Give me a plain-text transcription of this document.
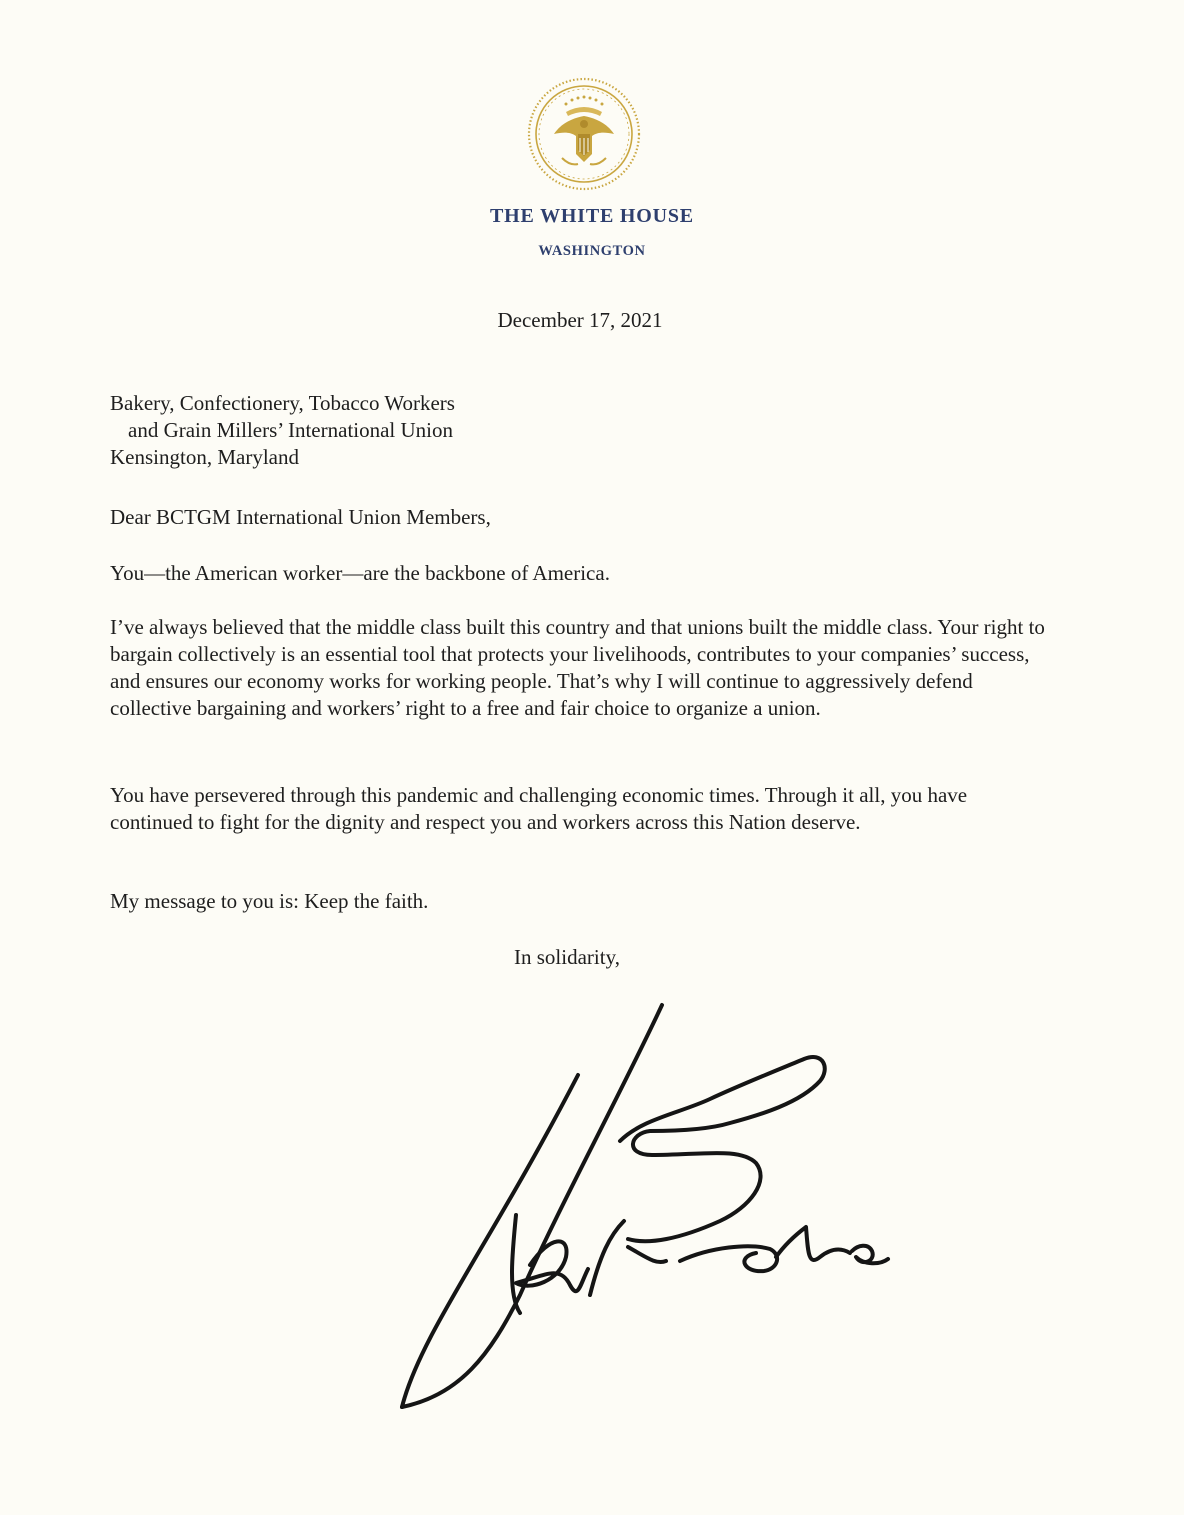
THE WHITE HOUSE
WASHINGTON
December 17, 2021
Bakery, Confectionery, Tobacco Workers
and Grain Millers’ International Union
Kensington, Maryland
Dear BCTGM International Union Members,

You—the American worker—are the backbone of America.

I’ve always believed that the middle class built this country and that unions built the middle class. Your right to bargain collectively is an essential tool that protects your livelihoods, contributes to your companies’ success, and ensures our economy works for working people. That’s why I will continue to aggressively defend collective bargaining and workers’ right to a free and fair choice to organize a union.

You have persevered through this pandemic and challenging economic times. Through it all, you have continued to fight for the dignity and respect you and workers across this Nation deserve.

My message to you is: Keep the faith.

In solidarity,
